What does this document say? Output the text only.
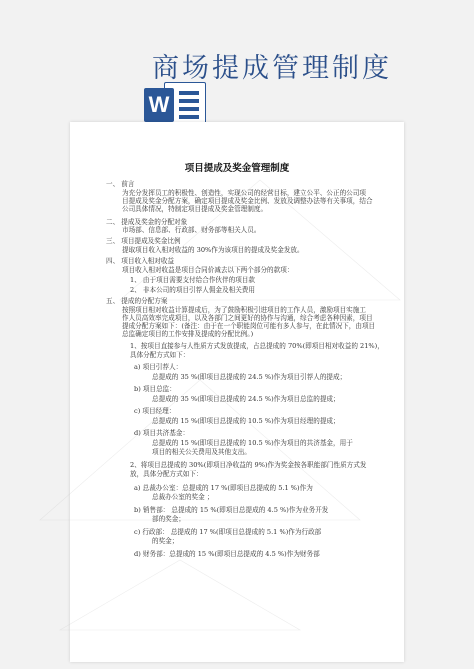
W
商场提成管理制度
项目提成及奖金管理制度
一、 前言
为充分发挥员工的积极性、创造性，实现公司的经营目标，建立公平、公正的公司项
目提成及奖金分配方案，确定项目提成及奖金比例、发放及调整办法等有关事项，结合
公司具体情况，特制定项目提成及奖金管理制度。
二、 提成及奖金的分配对象
市场部、信息部、行政部、财务部等相关人员。
三、 项目提成及奖金比例
提取项目收入相对收益的 30%作为该项目的提成及奖金发放。
四、 项目收入相对收益
项目收入相对收益是项目合同价减去以下两个部分的款项：
1、 由于项目需要支付给合作伙伴的项目款
2、 非本公司的项目引荐人佣金及相关费用
五、 提成的分配方案
按照项目相对收益计算提成后，为了鼓励积极引进项目的工作人员，激励项目实施工
作人员高效率完成项目，以及各部门之间更好的协作与沟通，综合考虑各种因素，项目
提成分配方案如下：(备注：由于在一个职能岗位可能有多人参与，在此情况下，由项目
总监确定项目的工作安排及提成的分配比例。)
1、按项目直接参与人性质方式发放提成，占总提成的 70%(即项目相对收益的 21%)，
具体分配方式如下：
a) 项目引荐人：
总提成的 35 %(即项目总提成的 24.5 %)作为项目引荐人的提成；
b) 项目总监：
总提成的 35 %(即项目总提成的 24.5 %)作为项目总监的提成；
c) 项目经理：
总提成的 15 %(即项目总提成的 10.5 %)作为项目经理的提成；
d) 项目共济基金：
总提成的 15 %(即项目总提成的 10.5 %)作为项目的共济基金，用于
项目的相关公关费用及其他支出。
2、将项目总提成的 30%(即项目净收益的 9%)作为奖金按各职能部门性质方式发
放，具体分配方式如下：
a) 总裁办公室：总提成的 17 %(即项目总提成的 5.1 %)作为
总裁办公室的奖金 ；
b) 销售部： 总提成的 15 %(即项目总提成的 4.5 %)作为业务开发
部的奖金；
c) 行政部： 总提成的 17 %(即项目总提成的 5.1 %)作为行政部
的奖金；
d) 财务部：总提成的 15 %(即项目总提成的 4.5 %)作为财务部
